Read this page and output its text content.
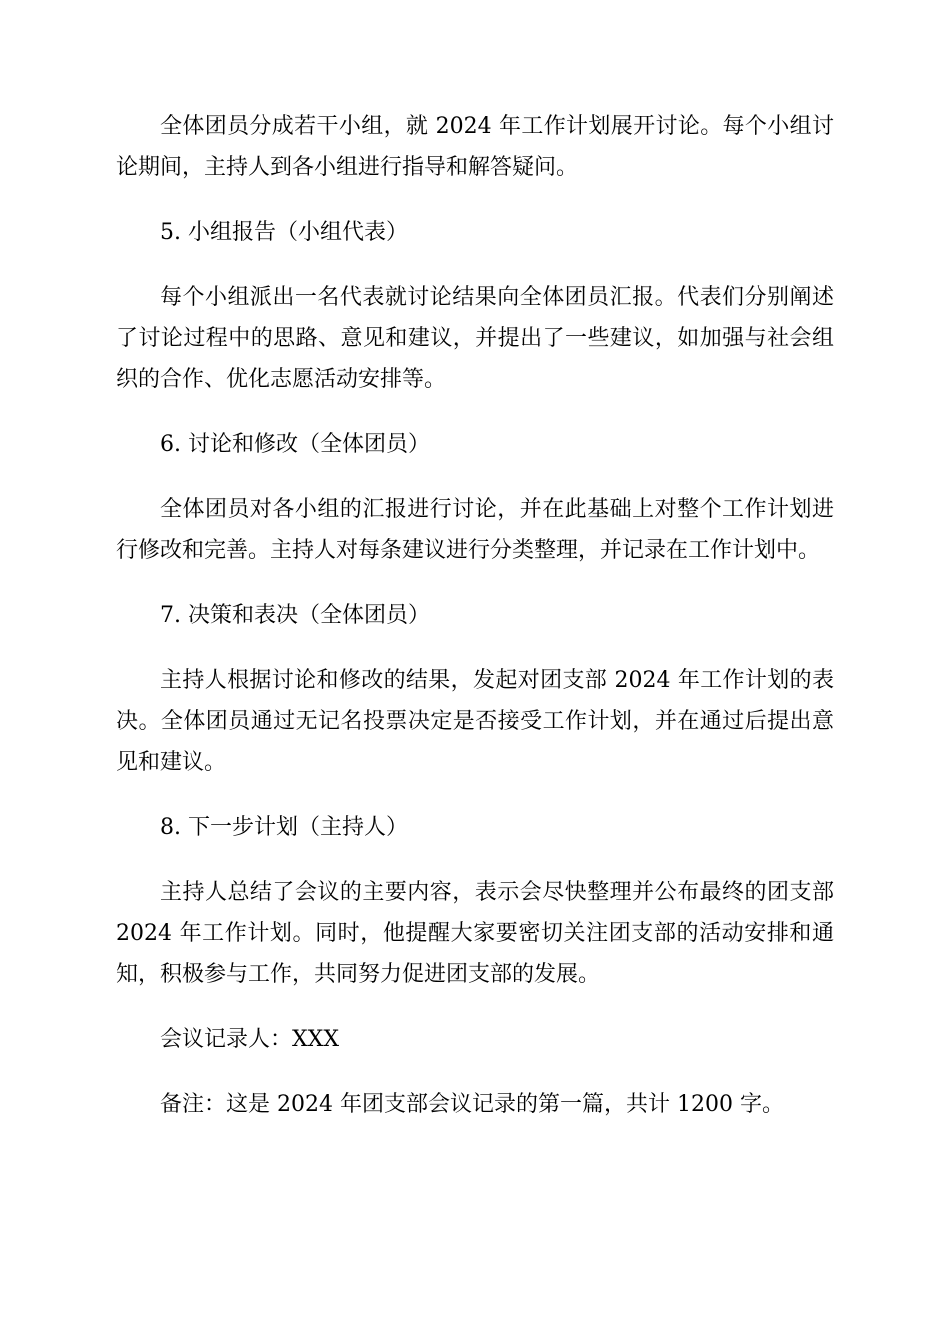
全体团员分成若干小组，就 2024 年工作计划展开讨论。每个小组讨论期间，主持人到各小组进行指导和解答疑问。

5. 小组报告（小组代表）

每个小组派出一名代表就讨论结果向全体团员汇报。代表们分别阐述了讨论过程中的思路、意见和建议，并提出了一些建议，如加强与社会组织的合作、优化志愿活动安排等。

6. 讨论和修改（全体团员）

全体团员对各小组的汇报进行讨论，并在此基础上对整个工作计划进行修改和完善。主持人对每条建议进行分类整理，并记录在工作计划中。

7. 决策和表决（全体团员）

主持人根据讨论和修改的结果，发起对团支部 2024 年工作计划的表决。全体团员通过无记名投票决定是否接受工作计划，并在通过后提出意见和建议。

8. 下一步计划（主持人）

主持人总结了会议的主要内容，表示会尽快整理并公布最终的团支部 2024 年工作计划。同时，他提醒大家要密切关注团支部的活动安排和通知，积极参与工作，共同努力促进团支部的发展。

会议记录人：XXX

备注：这是 2024 年团支部会议记录的第一篇，共计 1200 字。
